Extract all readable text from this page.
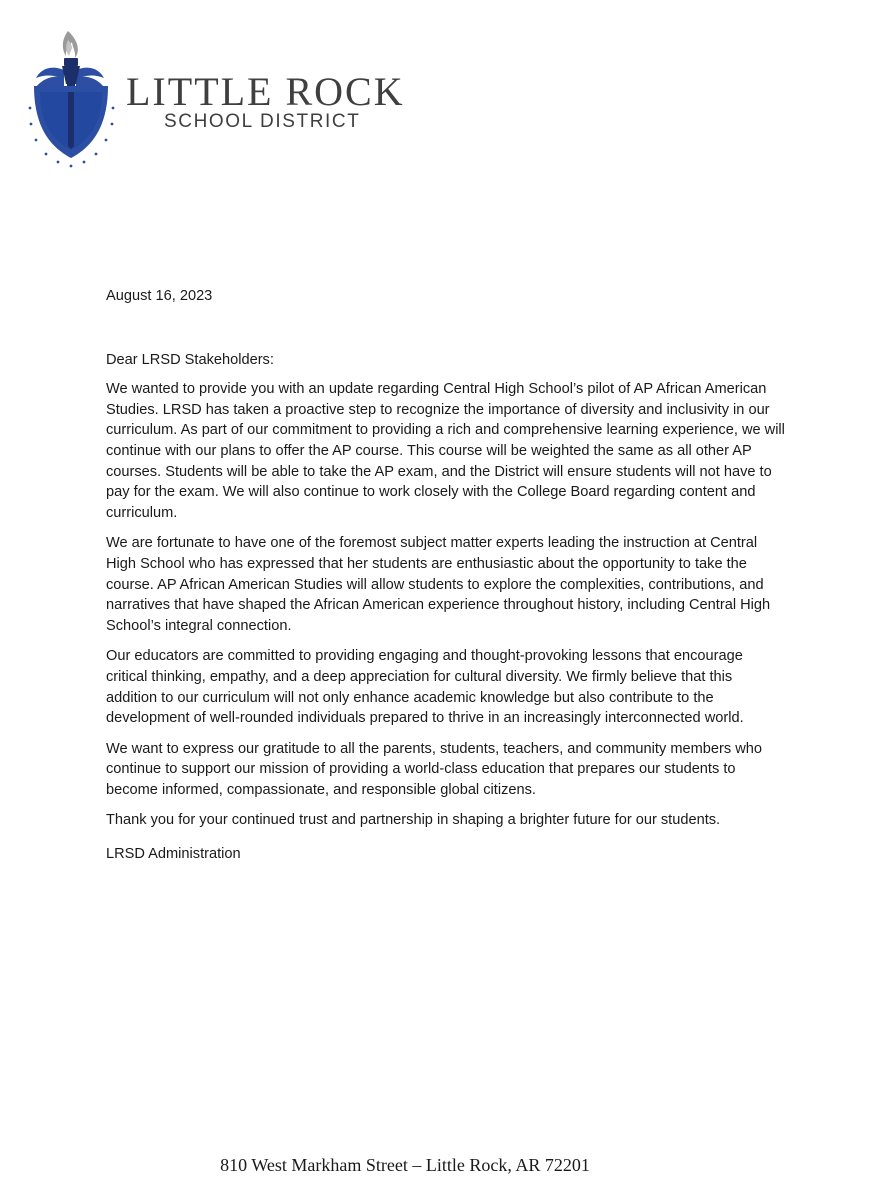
LITTLE ROCK
SCHOOL DISTRICT

August 16, 2023

Dear LRSD Stakeholders:

We wanted to provide you with an update regarding Central High School’s pilot of AP African American Studies. LRSD has taken a proactive step to recognize the importance of diversity and inclusivity in our curriculum. As part of our commitment to providing a rich and comprehensive learning experience, we will continue with our plans to offer the AP course. This course will be weighted the same as all other AP courses. Students will be able to take the AP exam, and the District will ensure students will not have to pay for the exam. We will also continue to work closely with the College Board regarding content and curriculum.

We are fortunate to have one of the foremost subject matter experts leading the instruction at Central High School who has expressed that her students are enthusiastic about the opportunity to take the course. AP African American Studies will allow students to explore the complexities, contributions, and narratives that have shaped the African American experience throughout history, including Central High School’s integral connection.

Our educators are committed to providing engaging and thought-provoking lessons that encourage critical thinking, empathy, and a deep appreciation for cultural diversity. We firmly believe that this addition to our curriculum will not only enhance academic knowledge but also contribute to the development of well-rounded individuals prepared to thrive in an increasingly interconnected world.

We want to express our gratitude to all the parents, students, teachers, and community members who continue to support our mission of providing a world-class education that prepares our students to become informed, compassionate, and responsible global citizens.

Thank you for your continued trust and partnership in shaping a brighter future for our students.

LRSD Administration

810 West Markham Street – Little Rock, AR 72201
